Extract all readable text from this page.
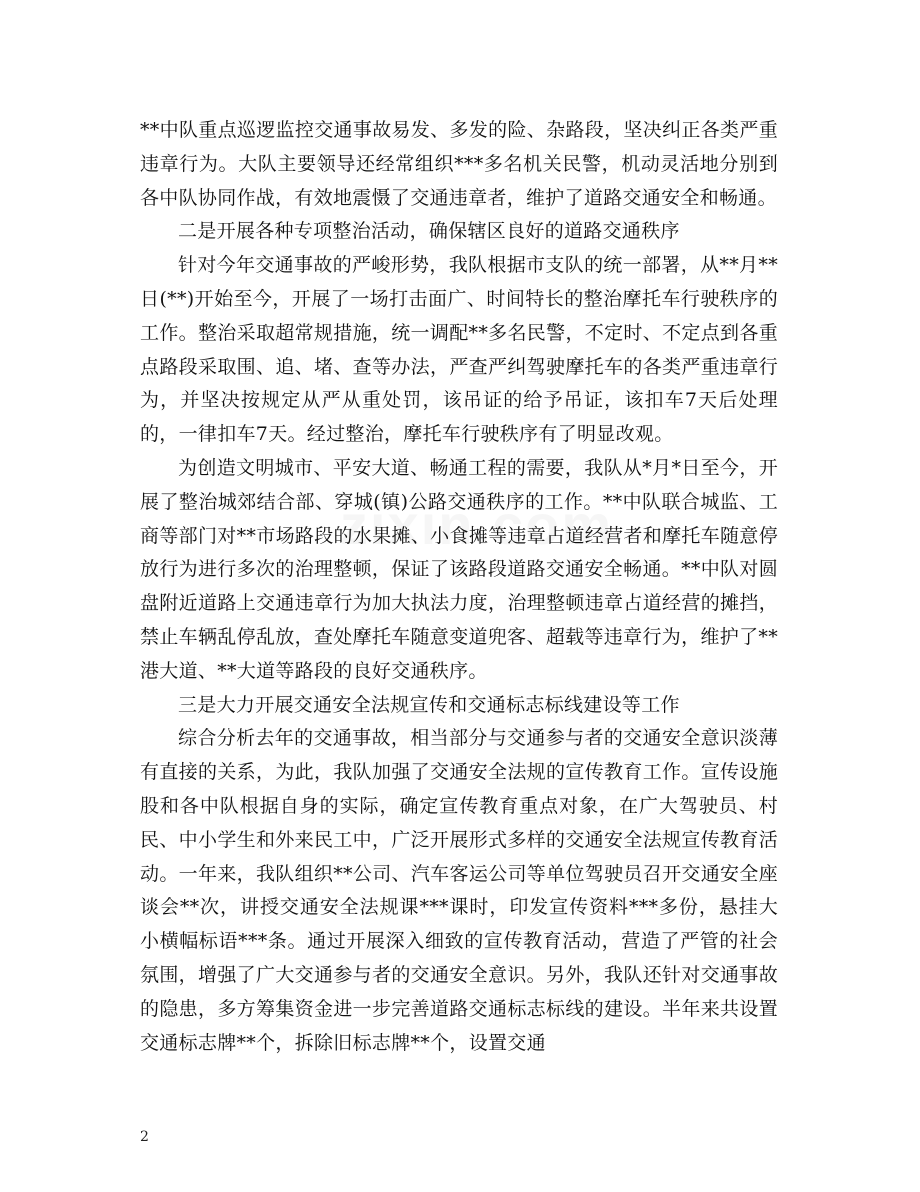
**中队重点巡逻监控交通事故易发、多发的险、杂路段，坚决纠正各类严重违章行为。大队主要领导还经常组织***多名机关民警，机动灵活地分别到各中队协同作战，有效地震慑了交通违章者，维护了道路交通安全和畅通。

二是开展各种专项整治活动，确保辖区良好的道路交通秩序

针对今年交通事故的严峻形势，我队根据市支队的统一部署，从**月**日(**)开始至今，开展了一场打击面广、时间特长的整治摩托车行驶秩序的工作。整治采取超常规措施，统一调配**多名民警，不定时、不定点到各重点路段采取围、追、堵、查等办法，严查严纠驾驶摩托车的各类严重违章行为，并坚决按规定从严从重处罚，该吊证的给予吊证，该扣车7天后处理的，一律扣车7天。经过整治，摩托车行驶秩序有了明显改观。

为创造文明城市、平安大道、畅通工程的需要，我队从*月*日至今，开展了整治城郊结合部、穿城(镇)公路交通秩序的工作。**中队联合城监、工商等部门对**市场路段的水果摊、小食摊等违章占道经营者和摩托车随意停放行为进行多次的治理整顿，保证了该路段道路交通安全畅通。**中队对圆盘附近道路上交通违章行为加大执法力度，治理整顿违章占道经营的摊挡，禁止车辆乱停乱放，查处摩托车随意变道兜客、超载等违章行为，维护了**港大道、**大道等路段的良好交通秩序。

三是大力开展交通安全法规宣传和交通标志标线建设等工作

综合分析去年的交通事故，相当部分与交通参与者的交通安全意识淡薄有直接的关系，为此，我队加强了交通安全法规的宣传教育工作。宣传设施股和各中队根据自身的实际，确定宣传教育重点对象，在广大驾驶员、村民、中小学生和外来民工中，广泛开展形式多样的交通安全法规宣传教育活动。一年来，我队组织**公司、汽车客运公司等单位驾驶员召开交通安全座谈会**次，讲授交通安全法规课***课时，印发宣传资料***多份，悬挂大小横幅标语***条。通过开展深入细致的宣传教育活动，营造了严管的社会氛围，增强了广大交通参与者的交通安全意识。另外，我队还针对交通事故的隐患，多方筹集资金进一步完善道路交通标志标线的建设。半年来共设置交通标志牌**个，拆除旧标志牌**个，设置交通

2
